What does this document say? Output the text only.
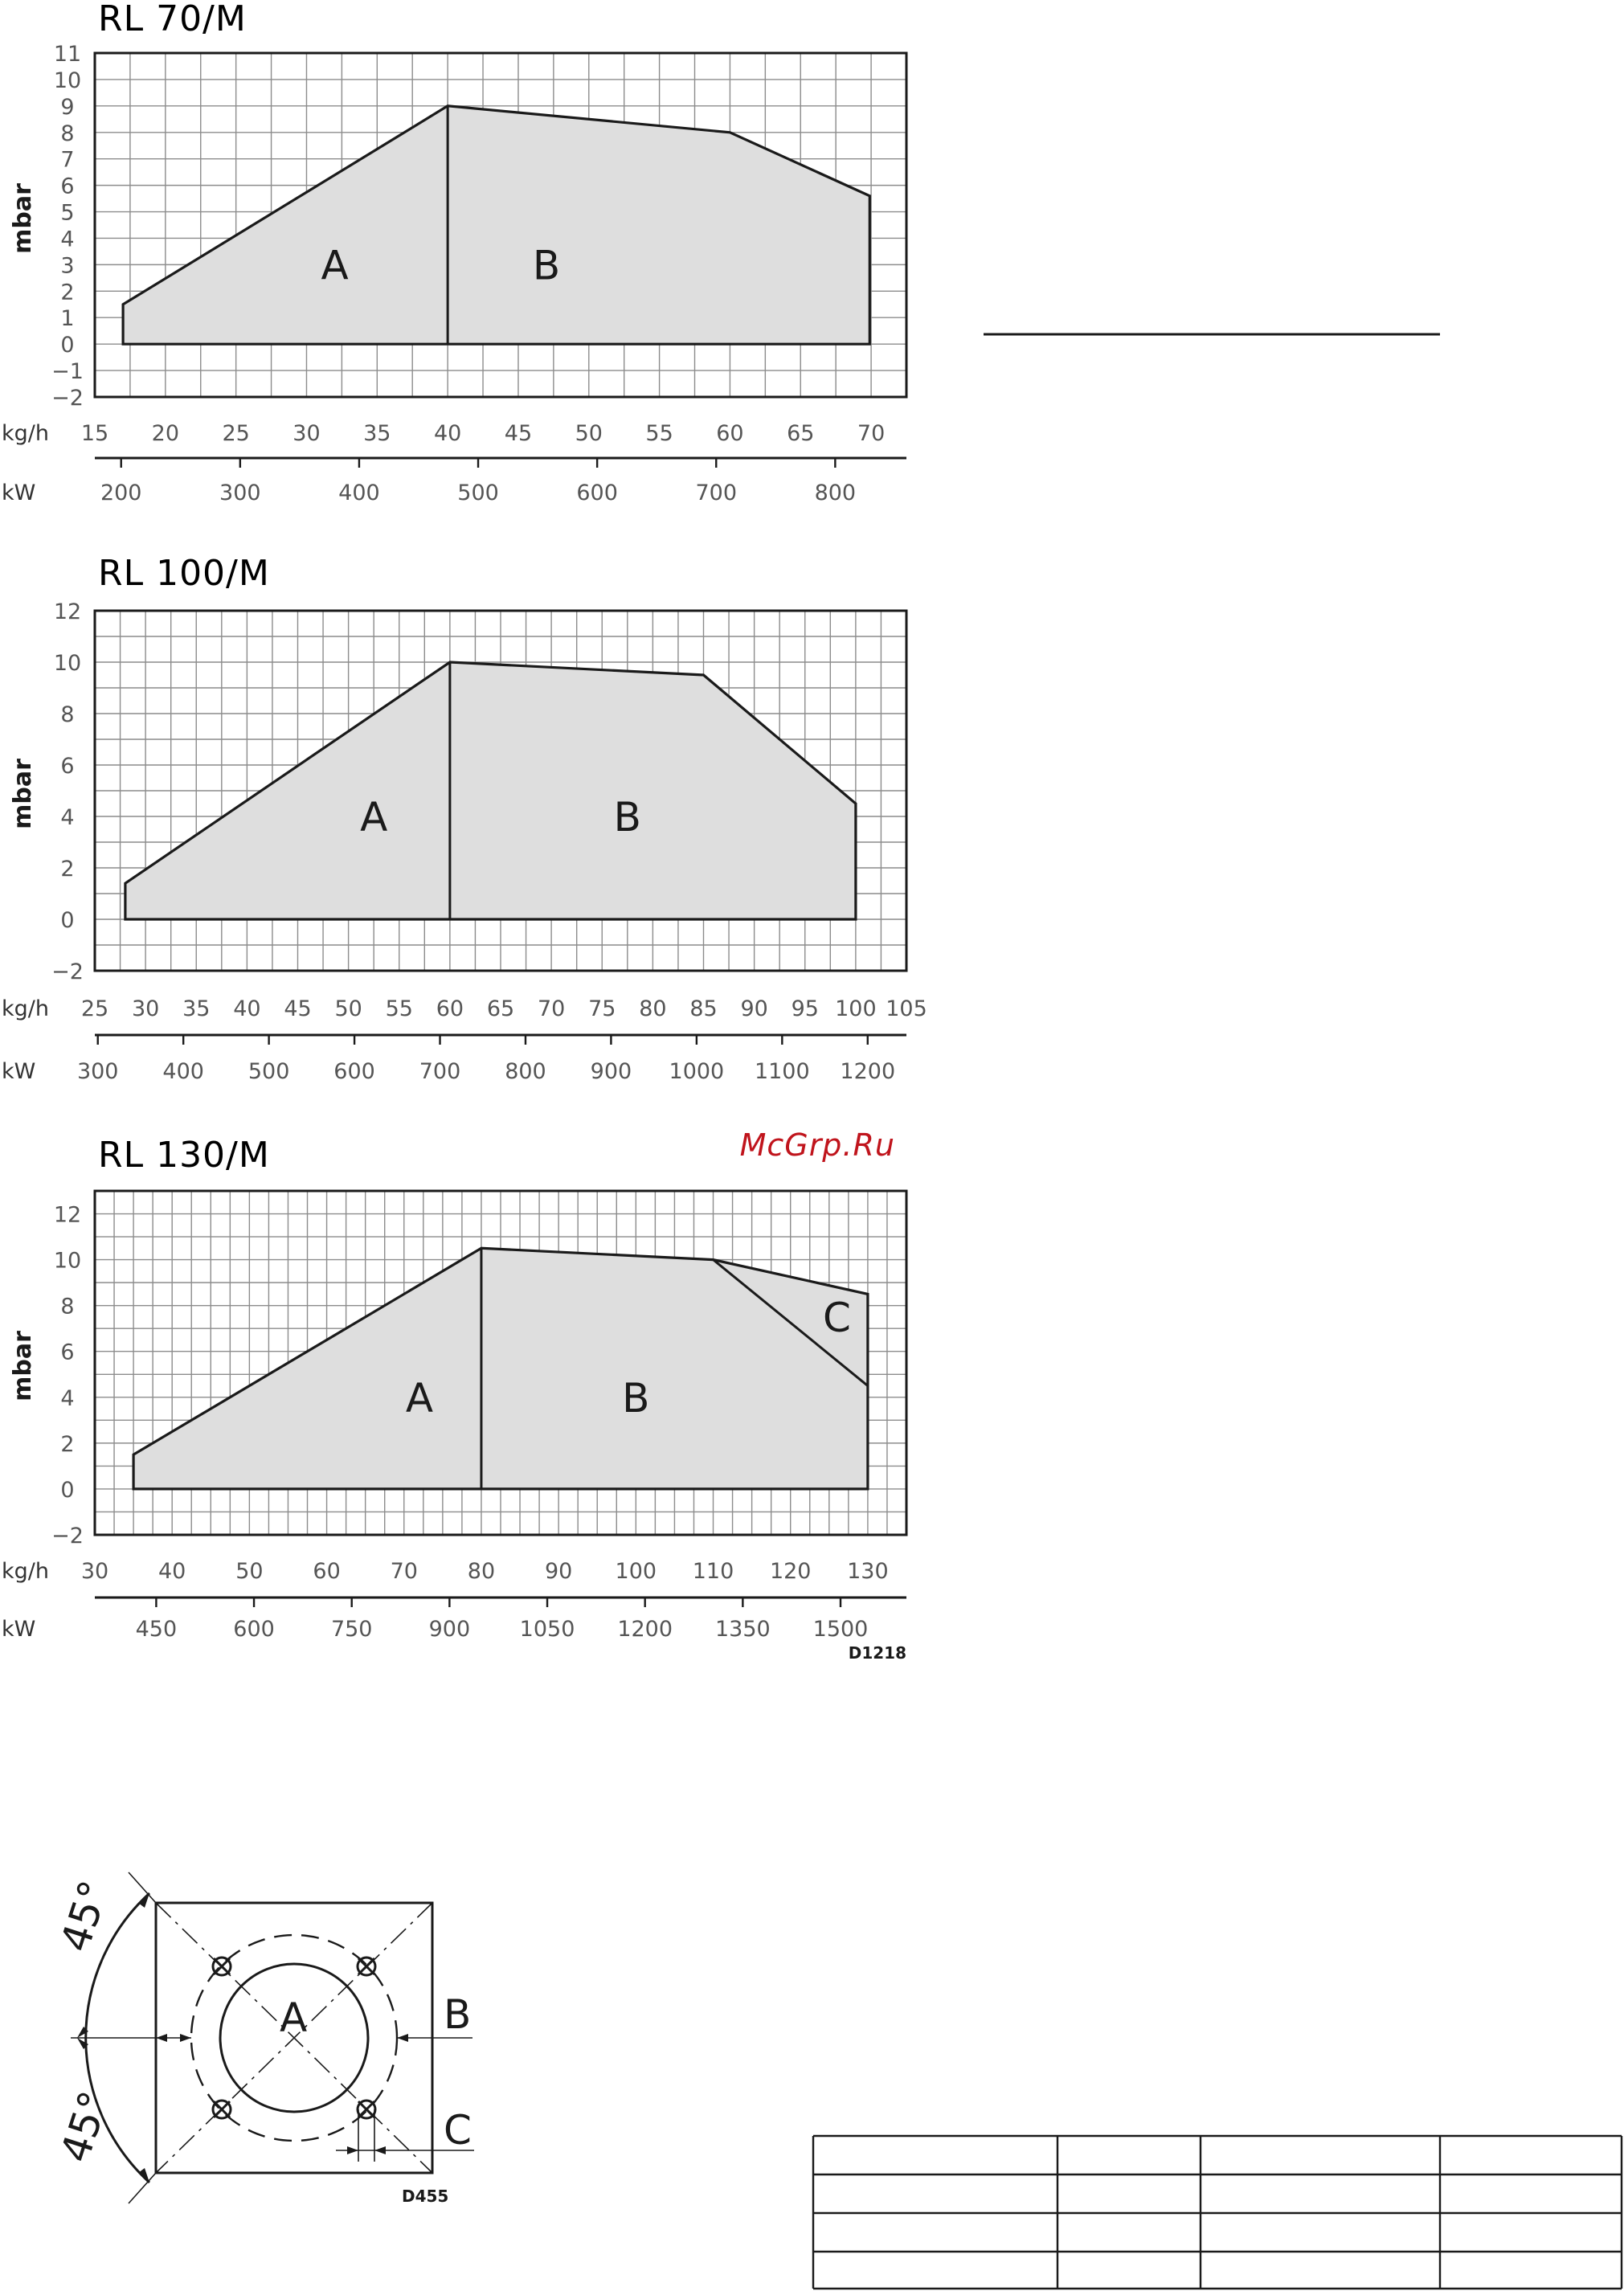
RL 70/M
mbar
−2
−1
0
1
2
3
4
5
6
7
8
9
10
11
A	B
kg/h 15 20 25 30 35 40 45 50 55 60 65 70
kW	200	300	400	500	600	700	800
RL 100/M
mbar
−2
0
2
4
6
8
10
12
A	B
kg/h 25 30 35 40 45 50 55 60 65 70 75 80 85 90 95 100 105
kW 300 400 500 600 700 800 900 1000 1100 1200
RL 130/M	McGrp.Ru
mbar
−2
0
2
4
6
8
10
12
A	B
C
kg/h 30 40 50 60 70 80 90 100 110 120 130
kW	450	600	750	900 1050 1200 1350 1500
D1218
A	B
C
45°
45°
D455
